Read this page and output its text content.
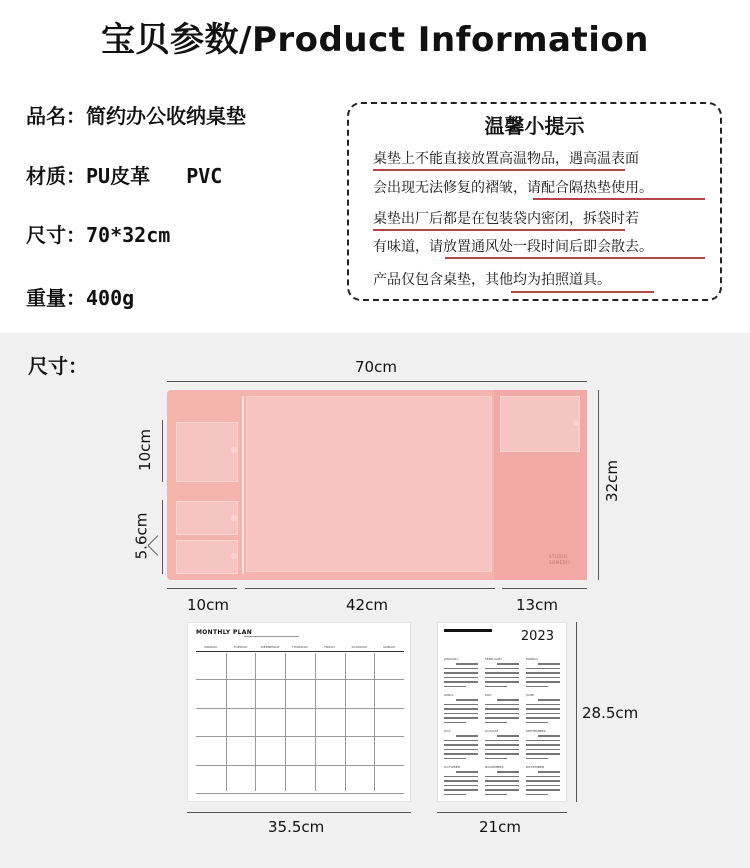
宝贝参数/Product Information
品名：简约办公收纳桌垫
材质：PU皮革   PVC
尺寸：70*32cm
重量：400g
温馨小提示
桌垫上不能直接放置高温物品，遇高温表面
会出现无法修复的褶皱，请配合隔热垫使用。
桌垫出厂后都是在包装袋内密闭，拆袋时若
有味道，请放置通风处一段时间后即会散去。
产品仅包含桌垫，其他均为拍照道具。
尺寸：	70cm
STUDIO SOMEDIY
10cm
5.6cm
32cm
10cm	42cm	13cm
MONTHLY PLAN
MONDAY	TUESDAY	WEDNESDAY	THURSDAY	FRIDAY	SATURDAY	SUNDAY
35.5cm
2023
JANUARY	FEBRUARY	MARCH
APRIL	MAY	JUNE
JULY	AUGUST	SEPTEMBER
OCTOBER	NOVEMBER	DECEMBER
28.5cm
21cm
